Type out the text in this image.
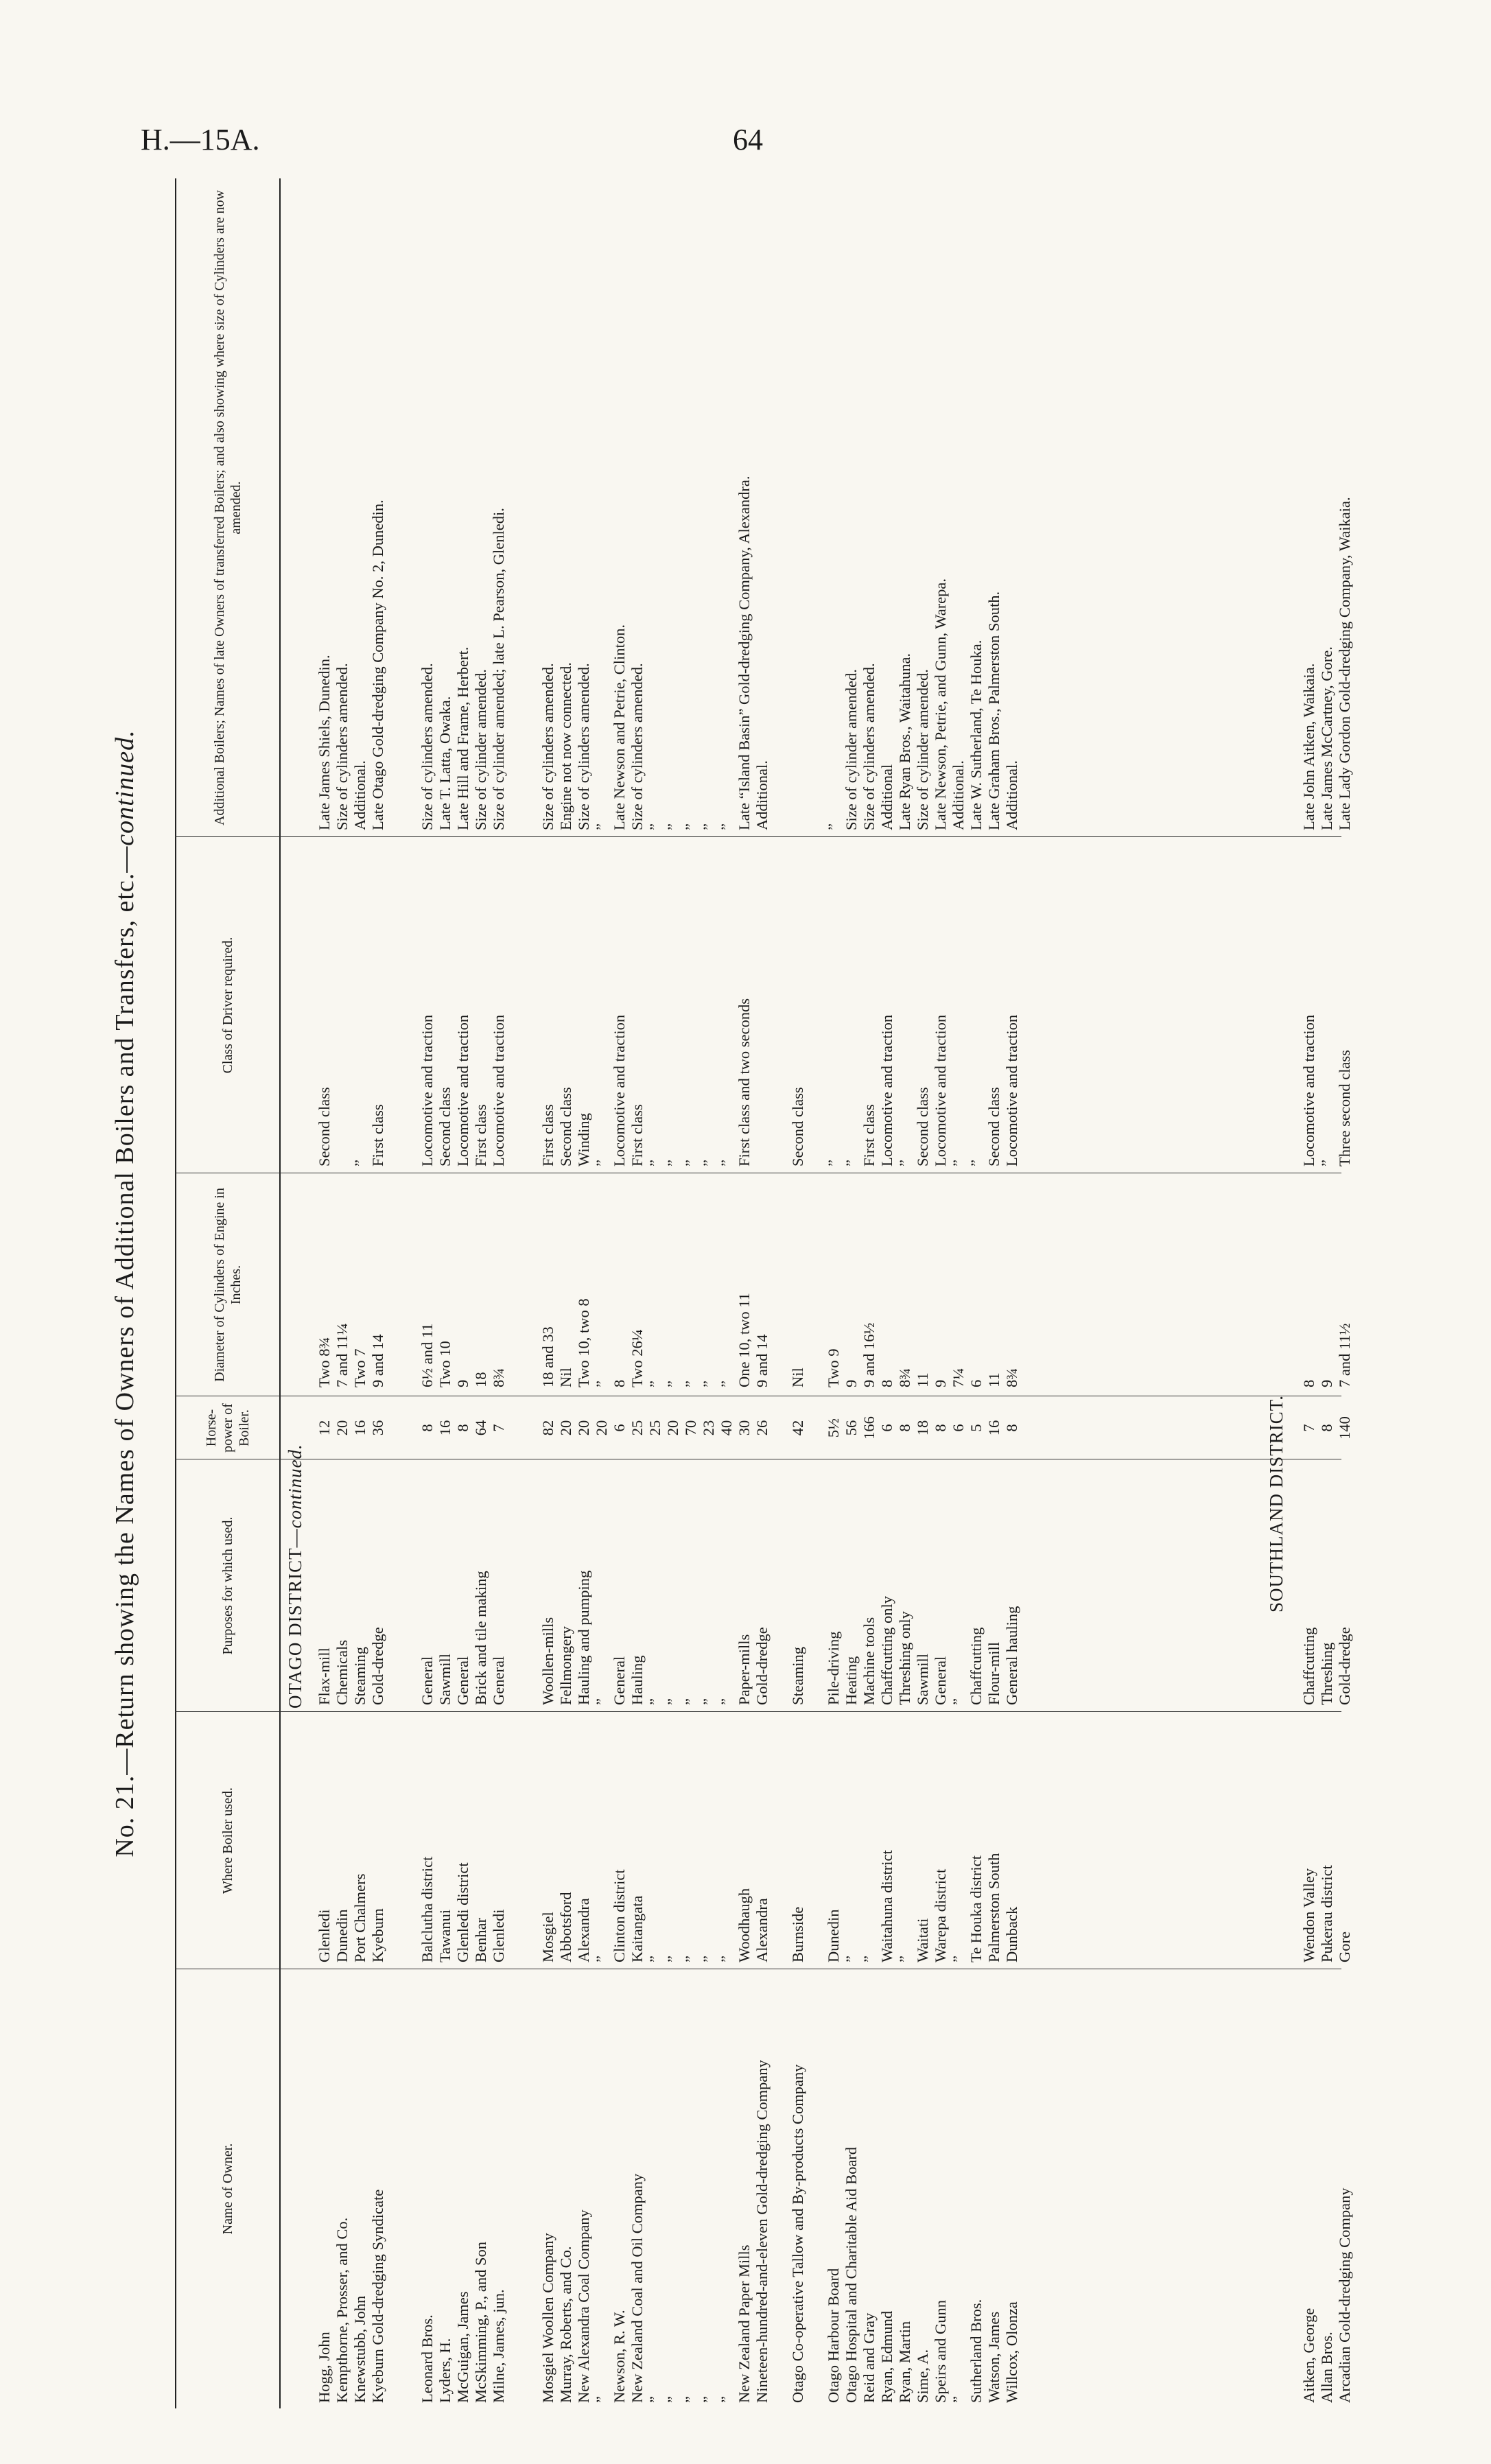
H.—15A.	64
No. 21.—Return showing the Names of Owners of Additional Boilers and Transfers, etc.—continued.
Name of Owner.
Where Boiler used.
Purposes for which used.
Horse-power of Boiler.
Diameter of Cylinders of Engine in Inches.
Class of Driver required.
Additional Boilers; Names of late Owners of transferred Boilers; and also showing where size of Cylinders are now amended.
OTAGO DISTRICT—continued.	SOUTHLAND DISTRICT.
Hogg, John
Glenledi
Flax-mill
12
Two 8¾
Second class
Late James Shiels, Dunedin.
Kempthorne, Prosser, and Co.
Dunedin
Chemicals
20
7 and 11¼
Size of cylinders amended.
Knewstubb, John
Port Chalmers
Steaming
16
Two 7
”
Additional.
Kyeburn Gold-dredging Syndicate
Kyeburn
Gold-dredge
36
9 and 14
First class
Late Otago Gold-dredging Company No. 2, Dunedin.
Leonard Bros.
Balclutha district
General
8
6½ and 11
Locomotive and traction
Size of cylinders amended.
Lyders, H.
Tawanui
Sawmill
16
Two 10
Second class
Late T. Latta, Owaka.
McGuigan, James
Glenledi district
General
8
9
Locomotive and traction
Late Hill and Frame, Herbert.
McSkimming, P., and Son
Benhar
Brick and tile making
64
18
First class
Size of cylinder amended.
Milne, James, jun.
Glenledi
General
7
8¾
Locomotive and traction
Size of cylinder amended; late L. Pearson, Glenledi.
Mosgiel Woollen Company
Mosgiel
Woollen-mills
82
18 and 33
First class
Size of cylinders amended.
Murray, Roberts, and Co.
Abbotsford
Fellmongery
20
Nil
Second class
Engine not now connected.
New Alexandra Coal Company
Alexandra
Hauling and pumping
20
Two 10, two 8
Winding
Size of cylinders amended.
”
”
”
20
”
”
”
Newson, R. W.
Clinton district
General
6
8
Locomotive and traction
Late Newson and Petrie, Clinton.
New Zealand Coal and Oil Company
Kaitangata
Hauling
25
Two 26¼
First class
Size of cylinders amended.
”
”
”
25
”
”
”
”
”
”
20
”
”
”
”
”
”
70
”
”
”
”
”
”
23
”
”
”
”
”
”
40
”
”
”
New Zealand Paper Mills
Woodhaugh
Paper-mills
30
One 10, two 11
First class and two seconds
Late “Island Basin” Gold-dredging Company, Alexandra.
Nineteen-hundred-and-eleven Gold-dredging Company
Alexandra
Gold-dredge
26
9 and 14
Additional.
Otago Co-operative Tallow and By-products Company
Burnside
Steaming
42
Nil
Second class
Otago Harbour Board
Dunedin
Pile-driving
5½
Two 9
”
”
Otago Hospital and Charitable Aid Board
”
Heating
56
9
”
Size of cylinder amended.
Reid and Gray
”
Machine tools
166
9 and 16½
First class
Size of cylinders amended.
Ryan, Edmund
Waitahuna district
Chaffcutting only
6
8
Locomotive and traction
Additional
Ryan, Martin
”
Threshing only
8
8¾
”
Late Ryan Bros., Waitahuna.
Sime, A.
Waitati
Sawmill
18
11
Second class
Size of cylinder amended.
Speirs and Gunn
Warepa district
General
8
9
Locomotive and traction
Late Newson, Petrie, and Gunn, Warepa.
”
”
”
6
7¼
”
Additional.
Sutherland Bros.
Te Houka district
Chaffcutting
5
6
”
Late W. Sutherland, Te Houka.
Watson, James
Palmerston South
Flour-mill
16
11
Second class
Late Graham Bros., Palmerston South.
Willcox, Olonza
Dunback
General hauling
8
8¾
Locomotive and traction
Additional.
Aitken, George
Wendon Valley
Chaffcutting
7
8
Locomotive and traction
Late John Aitken, Waikaia.
Allan Bros.
Pukerau district
Threshing
8
9
”
Late James McCartney, Gore.
Arcadian Gold-dredging Company
Gore
Gold-dredge
140
7 and 11½
Three second class
Late Lady Gordon Gold-dredging Company, Waikaia.
